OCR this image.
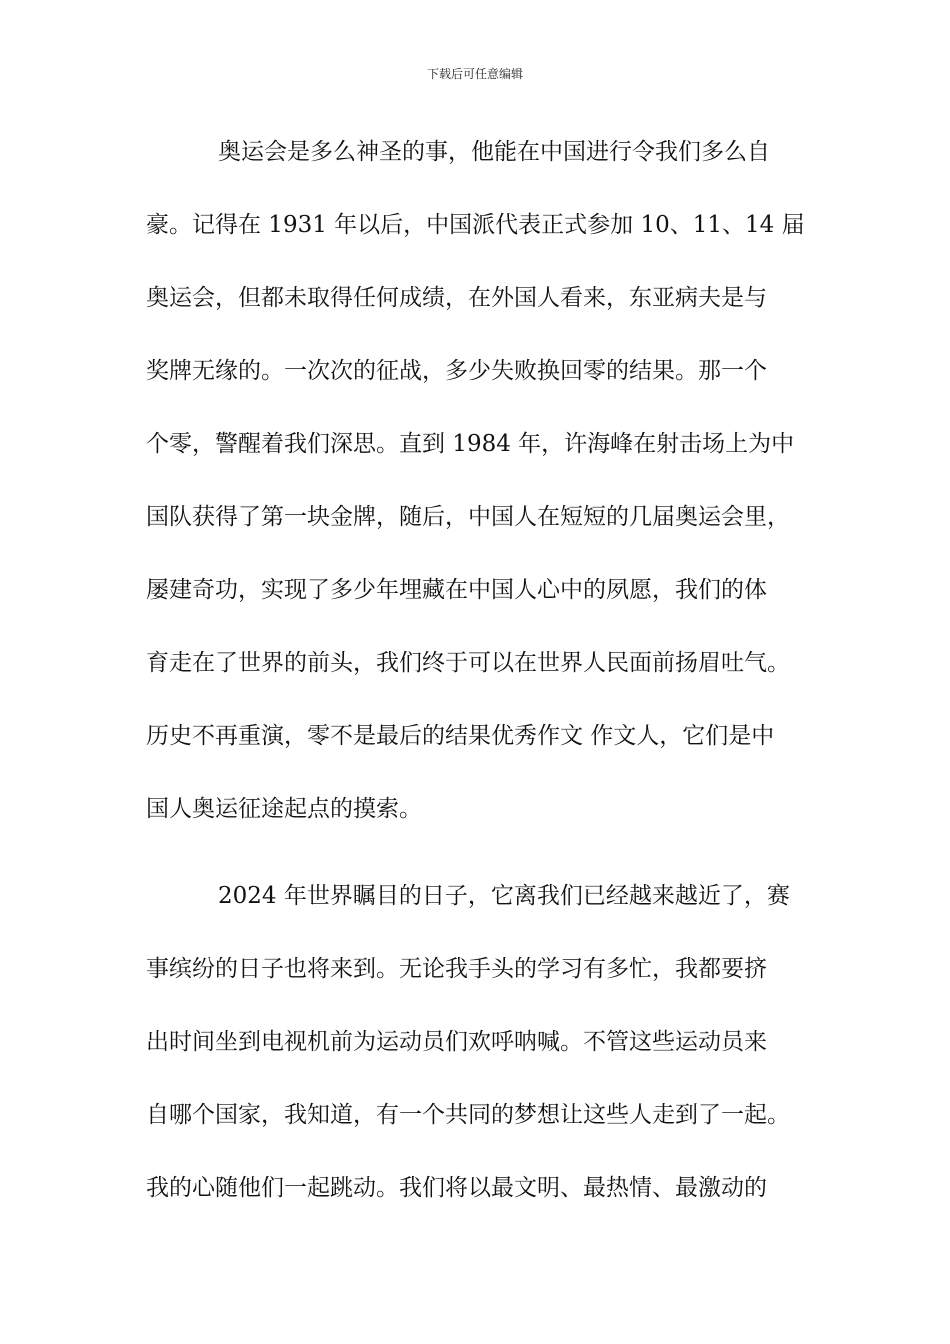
下载后可任意编辑
奥运会是多么神圣的事，他能在中国进行令我们多么自
豪。记得在 1931 年以后，中国派代表正式参加 10、11、14 届
奥运会，但都未取得任何成绩，在外国人看来，东亚病夫是与
奖牌无缘的。一次次的征战，多少失败换回零的结果。那一个
个零，警醒着我们深思。直到 1984 年，许海峰在射击场上为中
国队获得了第一块金牌，随后，中国人在短短的几届奥运会里，
屡建奇功，实现了多少年埋藏在中国人心中的夙愿，我们的体
育走在了世界的前头，我们终于可以在世界人民面前扬眉吐气。
历史不再重演，零不是最后的结果优秀作文 作文人，它们是中
国人奥运征途起点的摸索。
2024 年世界瞩目的日子，它离我们已经越来越近了，赛
事缤纷的日子也将来到。无论我手头的学习有多忙，我都要挤
出时间坐到电视机前为运动员们欢呼呐喊。不管这些运动员来
自哪个国家，我知道，有一个共同的梦想让这些人走到了一起。
我的心随他们一起跳动。我们将以最文明、最热情、最激动的
